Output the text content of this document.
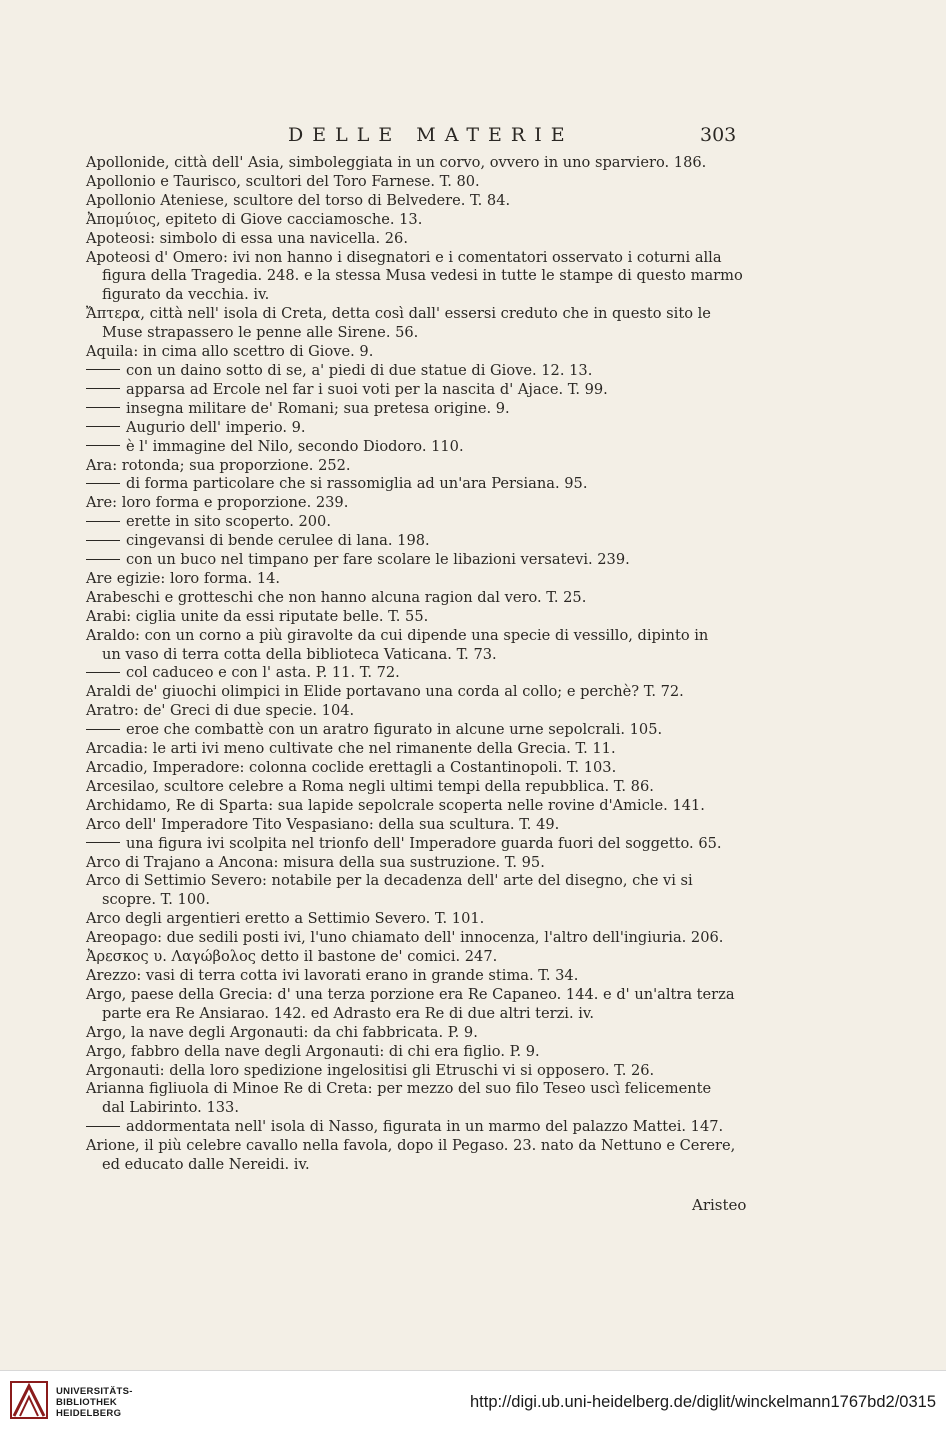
DELLE MATERIE	303
Apollonide, città dell' Asia, simboleggiata in un corvo, ovvero in uno sparviero. 186.
Apollonio e Taurisco, scultori del Toro Farnese. T. 80.
Apollonio Ateniese, scultore del torso di Belvedere. T. 84.
Ἀπομύιος, epiteto di Giove cacciamosche. 13.
Apoteosi: simbolo di essa una navicella. 26.
Apoteosi d' Omero: ivi non hanno i disegnatori e i comentatori osservato i coturni alla
figura della Tragedia. 248. e la stessa Musa vedesi in tutte le stampe di questo marmo
figurato da vecchia. iv.
Ἄπτερα, città nell' isola di Creta, detta così dall' essersi creduto che in questo sito le
Muse strapassero le penne alle Sirene. 56.
Aquila: in cima allo scettro di Giove. 9.
con un daino sotto di se, a' piedi di due statue di Giove. 12. 13.
apparsa ad Ercole nel far i suoi voti per la nascita d' Ajace. T. 99.
insegna militare de' Romani; sua pretesa origine. 9.
Augurio dell' imperio. 9.
è l' immagine del Nilo, secondo Diodoro. 110.
Ara: rotonda; sua proporzione. 252.
di forma particolare che si rassomiglia ad un'ara Persiana. 95.
Are: loro forma e proporzione. 239.
erette in sito scoperto. 200.
cingevansi di bende cerulee di lana. 198.
con un buco nel timpano per fare scolare le libazioni versatevi. 239.
Are egizie: loro forma. 14.
Arabeschi e grotteschi che non hanno alcuna ragion dal vero. T. 25.
Arabi: ciglia unite da essi riputate belle. T. 55.
Araldo: con un corno a più giravolte da cui dipende una specie di vessillo, dipinto in
un vaso di terra cotta della biblioteca Vaticana. T. 73.
col caduceo e con l' asta. P. 11. T. 72.
Araldi de' giuochi olimpici in Elide portavano una corda al collo; e perchè? T. 72.
Aratro: de' Greci di due specie. 104.
eroe che combattè con un aratro figurato in alcune urne sepolcrali. 105.
Arcadia: le arti ivi meno cultivate che nel rimanente della Grecia. T. 11.
Arcadio, Imperadore: colonna coclide erettagli a Costantinopoli. T. 103.
Arcesilao, scultore celebre a Roma negli ultimi tempi della repubblica. T. 86.
Archidamo, Re di Sparta: sua lapide sepolcrale scoperta nelle rovine d'Amicle. 141.
Arco dell' Imperadore Tito Vespasiano: della sua scultura. T. 49.
una figura ivi scolpita nel trionfo dell' Imperadore guarda fuori del soggetto. 65.
Arco di Trajano a Ancona: misura della sua sustruzione. T. 95.
Arco di Settimio Severo: notabile per la decadenza dell' arte del disegno, che vi si
scopre. T. 100.
Arco degli argentieri eretto a Settimio Severo. T. 101.
Areopago: due sedili posti ivi, l'uno chiamato dell' innocenza, l'altro dell'ingiuria. 206.
Ἀρεσκος υ. Λαγώβολος detto il bastone de' comici. 247.
Arezzo: vasi di terra cotta ivi lavorati erano in grande stima. T. 34.
Argo, paese della Grecia: d' una terza porzione era Re Capaneo. 144. e d' un'altra terza
parte era Re Ansiarao. 142. ed Adrasto era Re di due altri terzi. iv.
Argo, la nave degli Argonauti: da chi fabbricata. P. 9.
Argo, fabbro della nave degli Argonauti: di chi era figlio. P. 9.
Argonauti: della loro spedizione ingelositisi gli Etruschi vi si opposero. T. 26.
Arianna figliuola di Minoe Re di Creta: per mezzo del suo filo Teseo uscì felicemente
dal Labirinto. 133.
addormentata nell' isola di Nasso, figurata in un marmo del palazzo Mattei. 147.
Arione, il più celebre cavallo nella favola, dopo il Pegaso. 23. nato da Nettuno e Cerere,
ed educato dalle Nereidi. iv.
Aristeo
UNIVERSITÄTS-
BIBLIOTHEK
HEIDELBERG
http://digi.ub.uni-heidelberg.de/diglit/winckelmann1767bd2/0315
